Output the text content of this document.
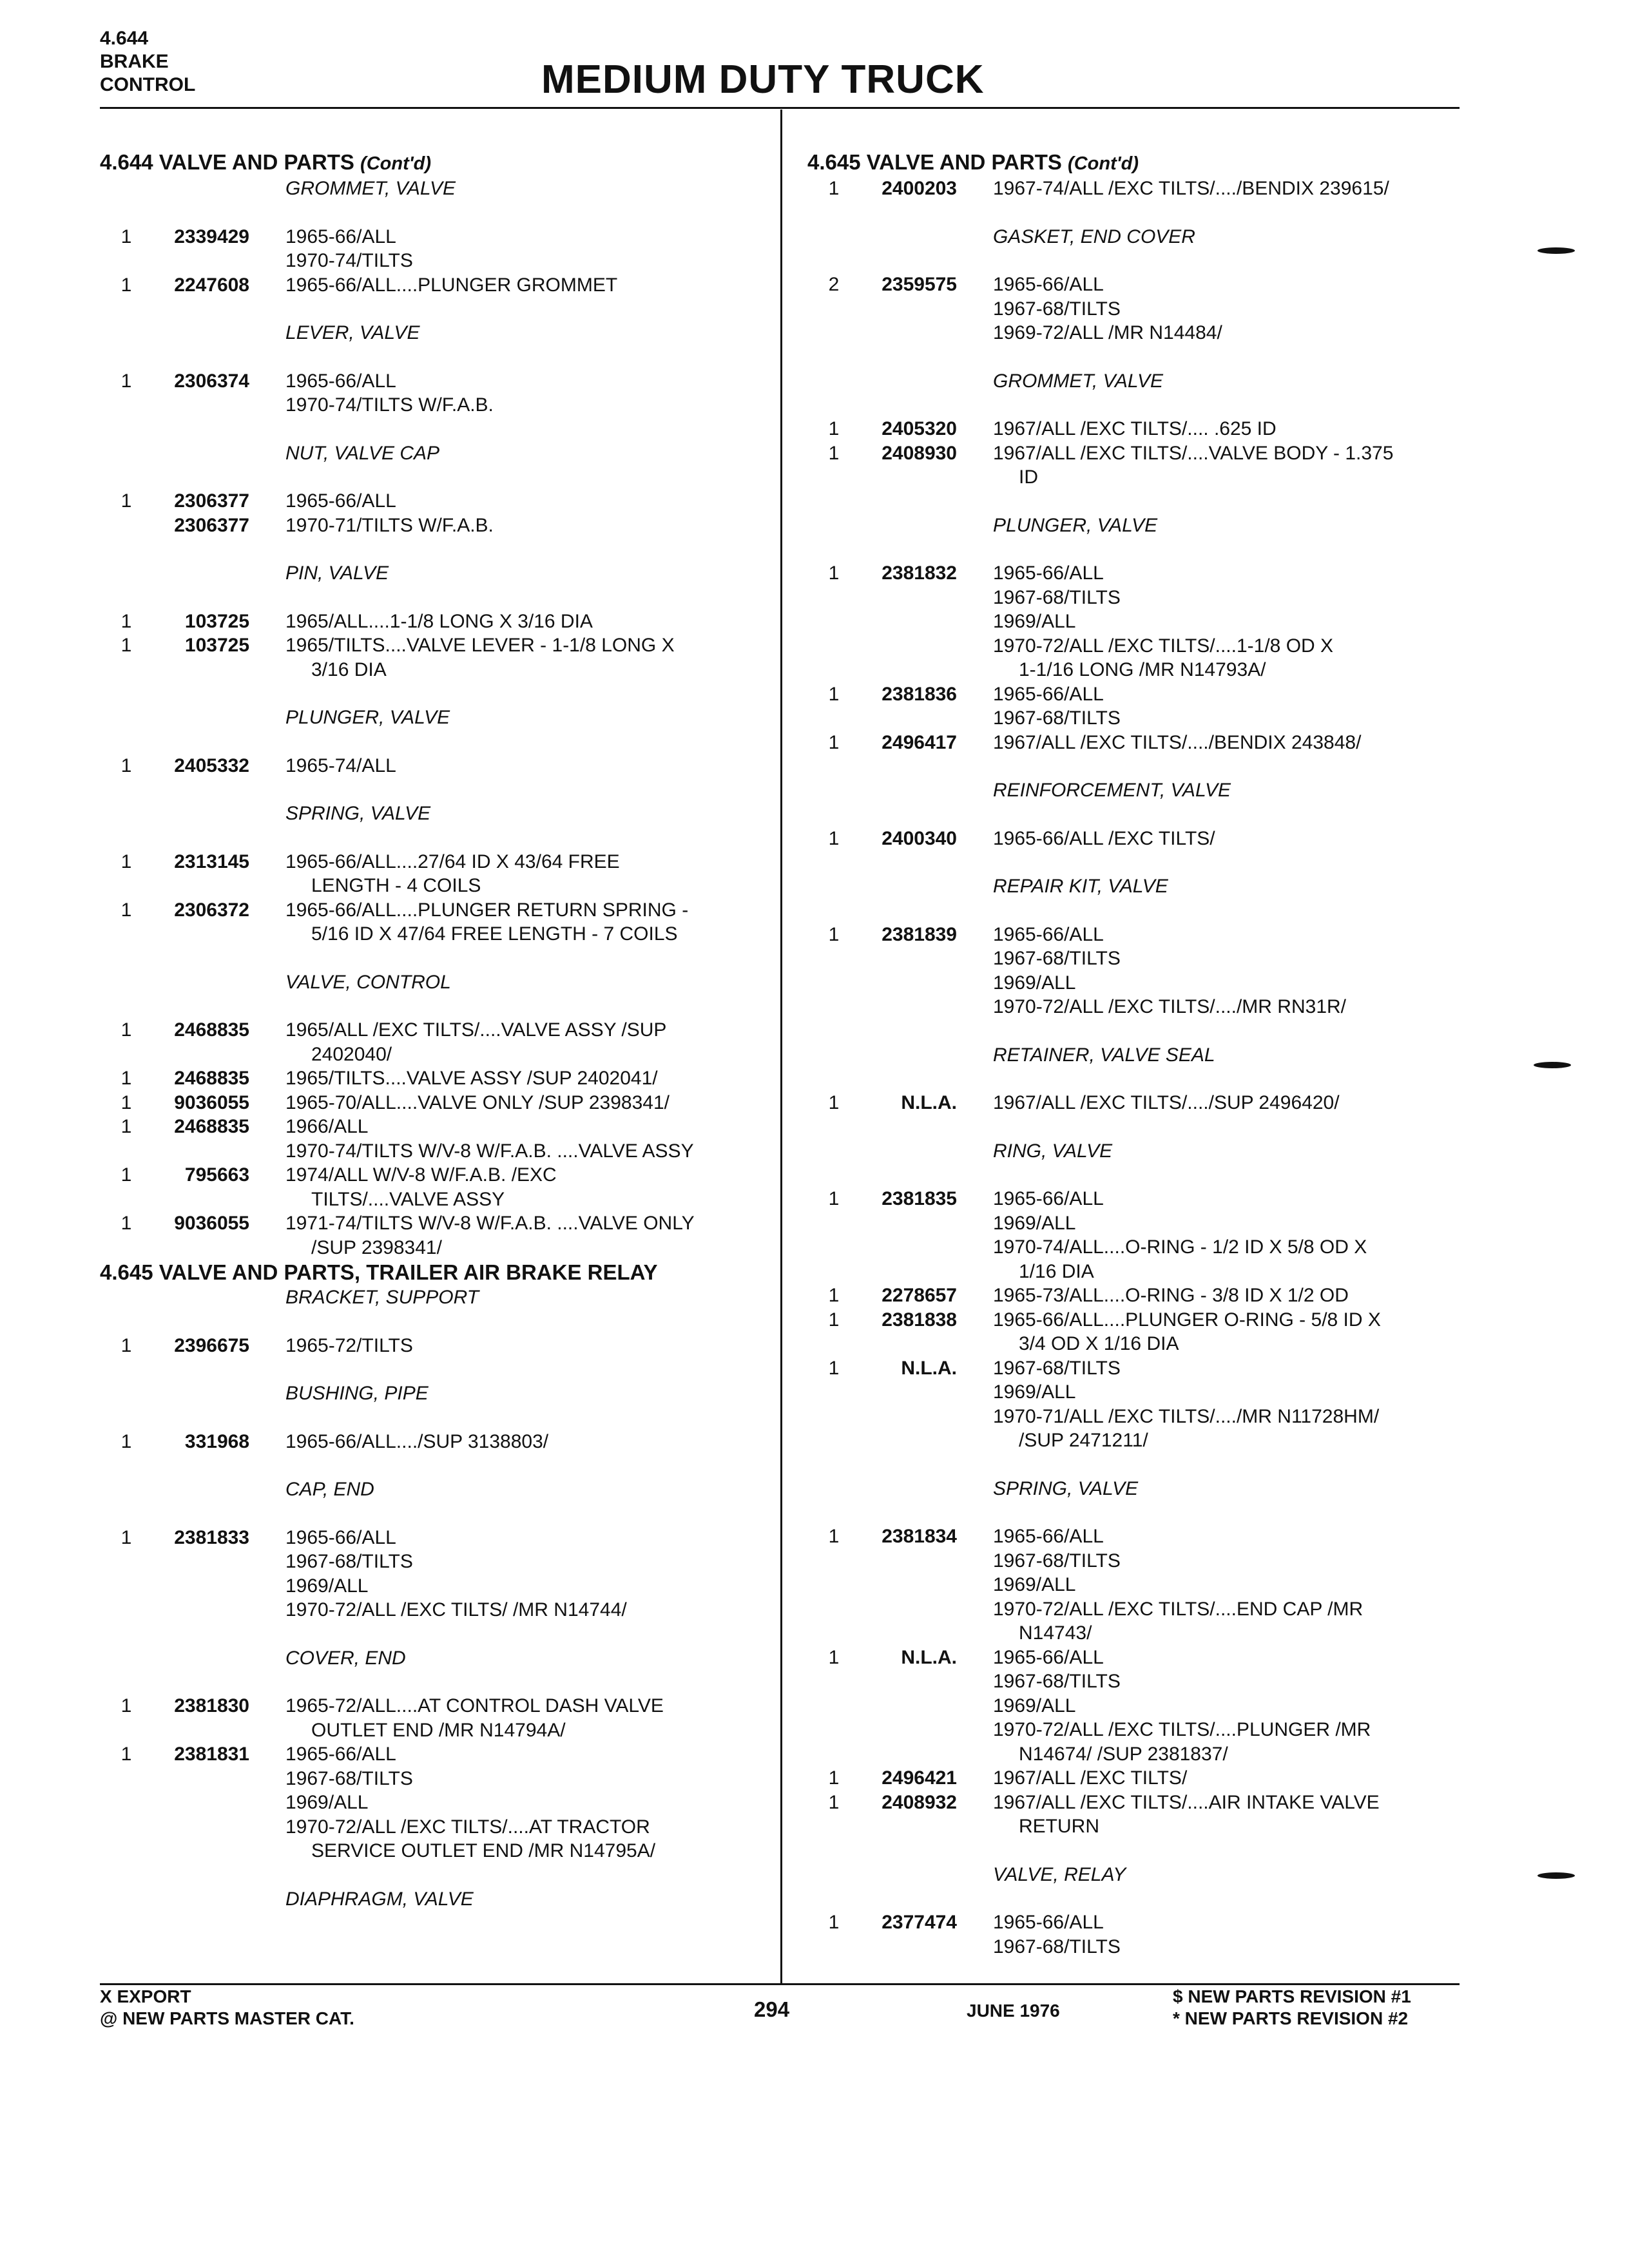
4.644
BRAKE
CONTROL	MEDIUM DUTY TRUCK
4.644 VALVE AND PARTS (Cont'd)
GROMMET, VALVE
1	2339429 1965-66/ALL
1970-74/TILTS
1	2247608 1965-66/ALL....PLUNGER GROMMET
LEVER, VALVE
1	2306374 1965-66/ALL
1970-74/TILTS W/F.A.B.
NUT, VALVE CAP
1	2306377 1965-66/ALL
2306377 1970-71/TILTS W/F.A.B.
PIN, VALVE
1	103725 1965/ALL....1-1/8 LONG X 3/16 DIA
1	103725 1965/TILTS....VALVE LEVER - 1-1/8 LONG X
3/16 DIA
PLUNGER, VALVE
1	2405332 1965-74/ALL
SPRING, VALVE
1	2313145 1965-66/ALL....27/64 ID X 43/64 FREE
LENGTH - 4 COILS
1	2306372 1965-66/ALL....PLUNGER RETURN SPRING -
5/16 ID X 47/64 FREE LENGTH - 7 COILS
VALVE, CONTROL
1	2468835 1965/ALL /EXC TILTS/....VALVE ASSY /SUP
2402040/
1	2468835 1965/TILTS....VALVE ASSY /SUP 2402041/
1	9036055 1965-70/ALL....VALVE ONLY /SUP 2398341/
1	2468835 1966/ALL
1970-74/TILTS W/V-8 W/F.A.B. ....VALVE ASSY
1	795663 1974/ALL W/V-8 W/F.A.B. /EXC
TILTS/....VALVE ASSY
1	9036055 1971-74/TILTS W/V-8 W/F.A.B. ....VALVE ONLY
/SUP 2398341/
4.645 VALVE AND PARTS, TRAILER AIR BRAKE RELAY
BRACKET, SUPPORT
1	2396675 1965-72/TILTS
BUSHING, PIPE
1	331968 1965-66/ALL..../SUP 3138803/
CAP, END
1	2381833 1965-66/ALL
1967-68/TILTS
1969/ALL
1970-72/ALL /EXC TILTS/ /MR N14744/
COVER, END
1	2381830 1965-72/ALL....AT CONTROL DASH VALVE
OUTLET END /MR N14794A/
1	2381831 1965-66/ALL
1967-68/TILTS
1969/ALL
1970-72/ALL /EXC TILTS/....AT TRACTOR
SERVICE OUTLET END /MR N14795A/
DIAPHRAGM, VALVE
4.645 VALVE AND PARTS (Cont'd)
1	2400203 1967-74/ALL /EXC TILTS/..../BENDIX 239615/
GASKET, END COVER
2	2359575 1965-66/ALL
1967-68/TILTS
1969-72/ALL /MR N14484/
GROMMET, VALVE
1	2405320 1967/ALL /EXC TILTS/.... .625 ID
1	2408930 1967/ALL /EXC TILTS/....VALVE BODY - 1.375
ID
PLUNGER, VALVE
1	2381832 1965-66/ALL
1967-68/TILTS
1969/ALL
1970-72/ALL /EXC TILTS/....1-1/8 OD X
1-1/16 LONG /MR N14793A/
1	2381836 1965-66/ALL
1967-68/TILTS
1	2496417 1967/ALL /EXC TILTS/..../BENDIX 243848/
REINFORCEMENT, VALVE
1	2400340 1965-66/ALL /EXC TILTS/
REPAIR KIT, VALVE
1	2381839 1965-66/ALL
1967-68/TILTS
1969/ALL
1970-72/ALL /EXC TILTS/..../MR RN31R/
RETAINER, VALVE SEAL
1	N.L.A. 1967/ALL /EXC TILTS/..../SUP 2496420/
RING, VALVE
1	2381835 1965-66/ALL
1969/ALL
1970-74/ALL....O-RING - 1/2 ID X 5/8 OD X
1/16 DIA
1	2278657 1965-73/ALL....O-RING - 3/8 ID X 1/2 OD
1	2381838 1965-66/ALL....PLUNGER O-RING - 5/8 ID X
3/4 OD X 1/16 DIA
1	N.L.A. 1967-68/TILTS
1969/ALL
1970-71/ALL /EXC TILTS/..../MR N11728HM/
/SUP 2471211/
SPRING, VALVE
1	2381834 1965-66/ALL
1967-68/TILTS
1969/ALL
1970-72/ALL /EXC TILTS/....END CAP /MR
N14743/
1	N.L.A. 1965-66/ALL
1967-68/TILTS
1969/ALL
1970-72/ALL /EXC TILTS/....PLUNGER /MR
N14674/ /SUP 2381837/
1	2496421 1967/ALL /EXC TILTS/
1	2408932 1967/ALL /EXC TILTS/....AIR INTAKE VALVE
RETURN
VALVE, RELAY
1	2377474 1965-66/ALL
1967-68/TILTS
X EXPORT
@ NEW PARTS MASTER CAT.	294	JUNE 1976
$ NEW PARTS REVISION #1
* NEW PARTS REVISION #2
